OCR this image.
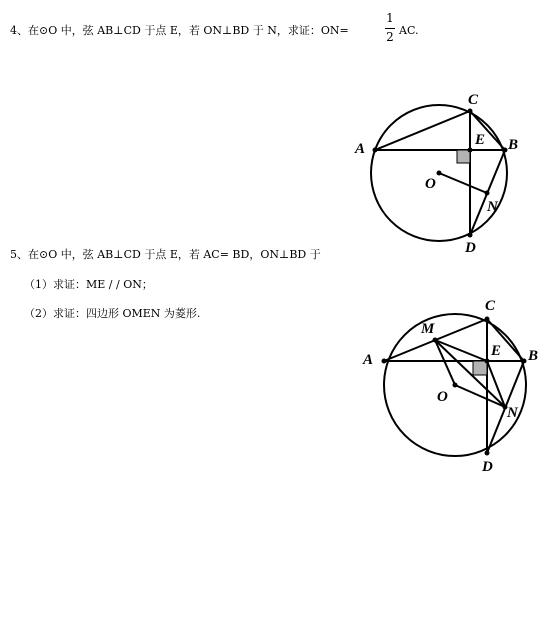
4、在⊙O 中，弦 AB⊥CD 于点 E，若 ON⊥BD 于 N，求证：ON=
1
2 AC.
5、在⊙O 中，弦 AB⊥CD 于点 E，若 AC= BD，ON⊥BD 于
（1）求证：ME / / ON；
（2）求证：四边形 OMEN 为菱形.
A	B
C
D
E
O
N
A	B
C
D
E
O
N
M
